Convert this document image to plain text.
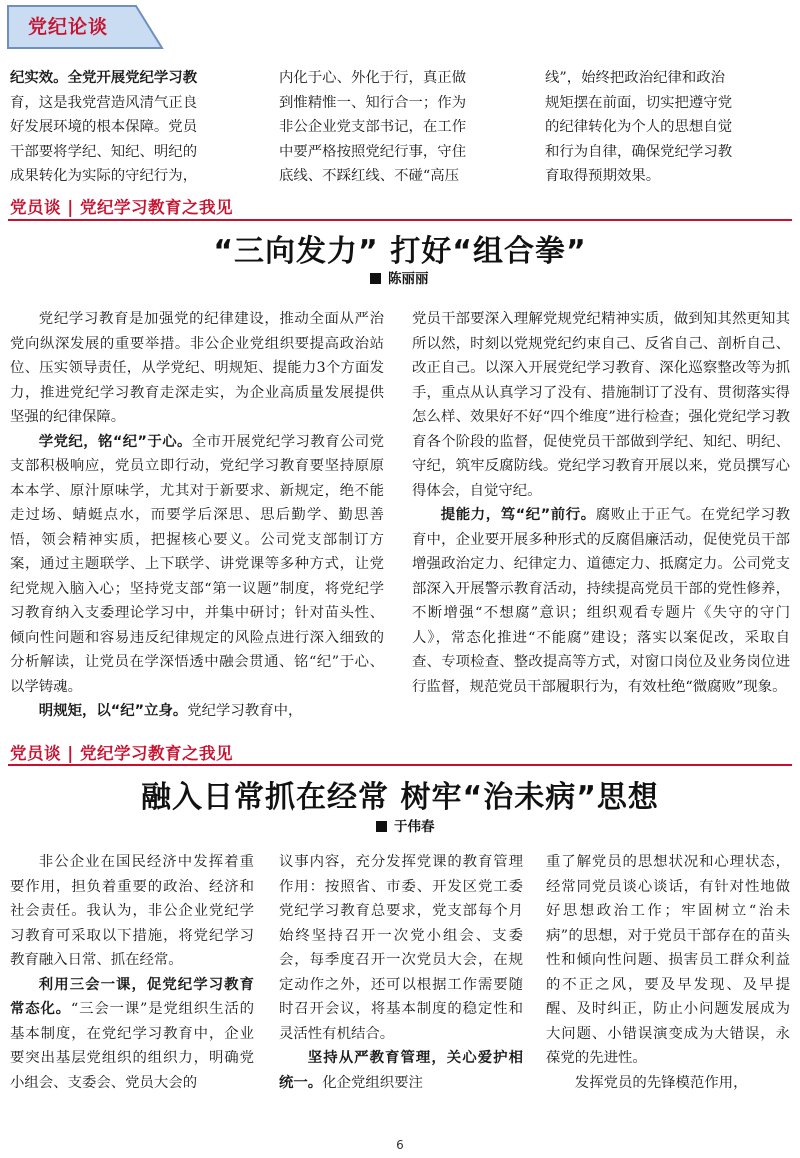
党纪论谈

纪实效。全党开展党纪学习教

育，这是我党营造风清气正良

好发展环境的根本保障。党员

干部要将学纪、知纪、明纪的

成果转化为实际的守纪行为，

内化于心、外化于行，真正做

到惟精惟一、知行合一；作为

非公企业党支部书记，在工作

中要严格按照党纪行事，守住

底线、不踩红线、不碰“高压

线”，始终把政治纪律和政治

规矩摆在前面，切实把遵守党

的纪律转化为个人的思想自觉

和行为自律，确保党纪学习教

育取得预期效果。

党员谈 | 党纪学习教育之我见
“三向发力” 打好“组合拳”
陈丽丽

党纪学习教育是加强党的纪律建设，推动全面从严治党向纵深发展的重要举措。非公企业党组织要提高政治站位、压实领导责任，从学党纪、明规矩、提能力3个方面发力，推进党纪学习教育走深走实，为企业高质量发展提供坚强的纪律保障。

学党纪，铭“纪”于心。全市开展党纪学习教育公司党支部积极响应，党员立即行动，党纪学习教育要坚持原原本本学、原汁原味学，尤其对于新要求、新规定，绝不能走过场、蜻蜓点水，而要学后深思、思后勤学、勤思善悟，领会精神实质，把握核心要义。公司党支部制订方案，通过主题联学、上下联学、讲党课等多种方式，让党纪党规入脑入心；坚持党支部“第一议题”制度，将党纪学习教育纳入支委理论学习中，并集中研讨；针对苗头性、倾向性问题和容易违反纪律规定的风险点进行深入细致的分析解读，让党员在学深悟透中融会贯通、铭“纪”于心、以学铸魂。

明规矩，以“纪”立身。党纪学习教育中，

党员干部要深入理解党规党纪精神实质，做到知其然更知其所以然，时刻以党规党纪约束自己、反省自己、剖析自己、改正自己。以深入开展党纪学习教育、深化巡察整改等为抓手，重点从认真学习了没有、措施制订了没有、贯彻落实得怎么样、效果好不好“四个维度”进行检查；强化党纪学习教育各个阶段的监督，促使党员干部做到学纪、知纪、明纪、守纪，筑牢反腐防线。党纪学习教育开展以来，党员撰写心得体会，自觉守纪。

提能力，笃“纪”前行。腐败止于正气。在党纪学习教育中，企业要开展多种形式的反腐倡廉活动，促使党员干部增强政治定力、纪律定力、道德定力、抵腐定力。公司党支部深入开展警示教育活动，持续提高党员干部的党性修养，不断增强“不想腐”意识；组织观看专题片《失守的守门人》，常态化推进“不能腐”建设；落实以案促改，采取自查、专项检查、整改提高等方式，对窗口岗位及业务岗位进行监督，规范党员干部履职行为，有效杜绝“微腐败”现象。

党员谈 | 党纪学习教育之我见
融入日常抓在经常 树牢“治未病”思想
于伟春

非公企业在国民经济中发挥着重要作用，担负着重要的政治、经济和社会责任。我认为，非公企业党纪学习教育可采取以下措施，将党纪学习教育融入日常、抓在经常。

利用三会一课，促党纪学习教育常态化。“三会一课”是党组织生活的基本制度，在党纪学习教育中，企业要突出基层党组织的组织力，明确党小组会、支委会、党员大会的

议事内容，充分发挥党课的教育管理作用：按照省、市委、开发区党工委党纪学习教育总要求，党支部每个月始终坚持召开一次党小组会、支委会，每季度召开一次党员大会，在规定动作之外，还可以根据工作需要随时召开会议，将基本制度的稳定性和灵活性有机结合。

坚持从严教育管理，关心爱护相统一。化企党组织要注

重了解党员的思想状况和心理状态，经常同党员谈心谈话，有针对性地做好思想政治工作；牢固树立“治未病”的思想，对于党员干部存在的苗头性和倾向性问题、损害员工群众利益的不正之风，要及早发现、及早提醒、及时纠正，防止小问题发展成为大问题、小错误演变成为大错误，永葆党的先进性。

发挥党员的先锋模范作用，

6
